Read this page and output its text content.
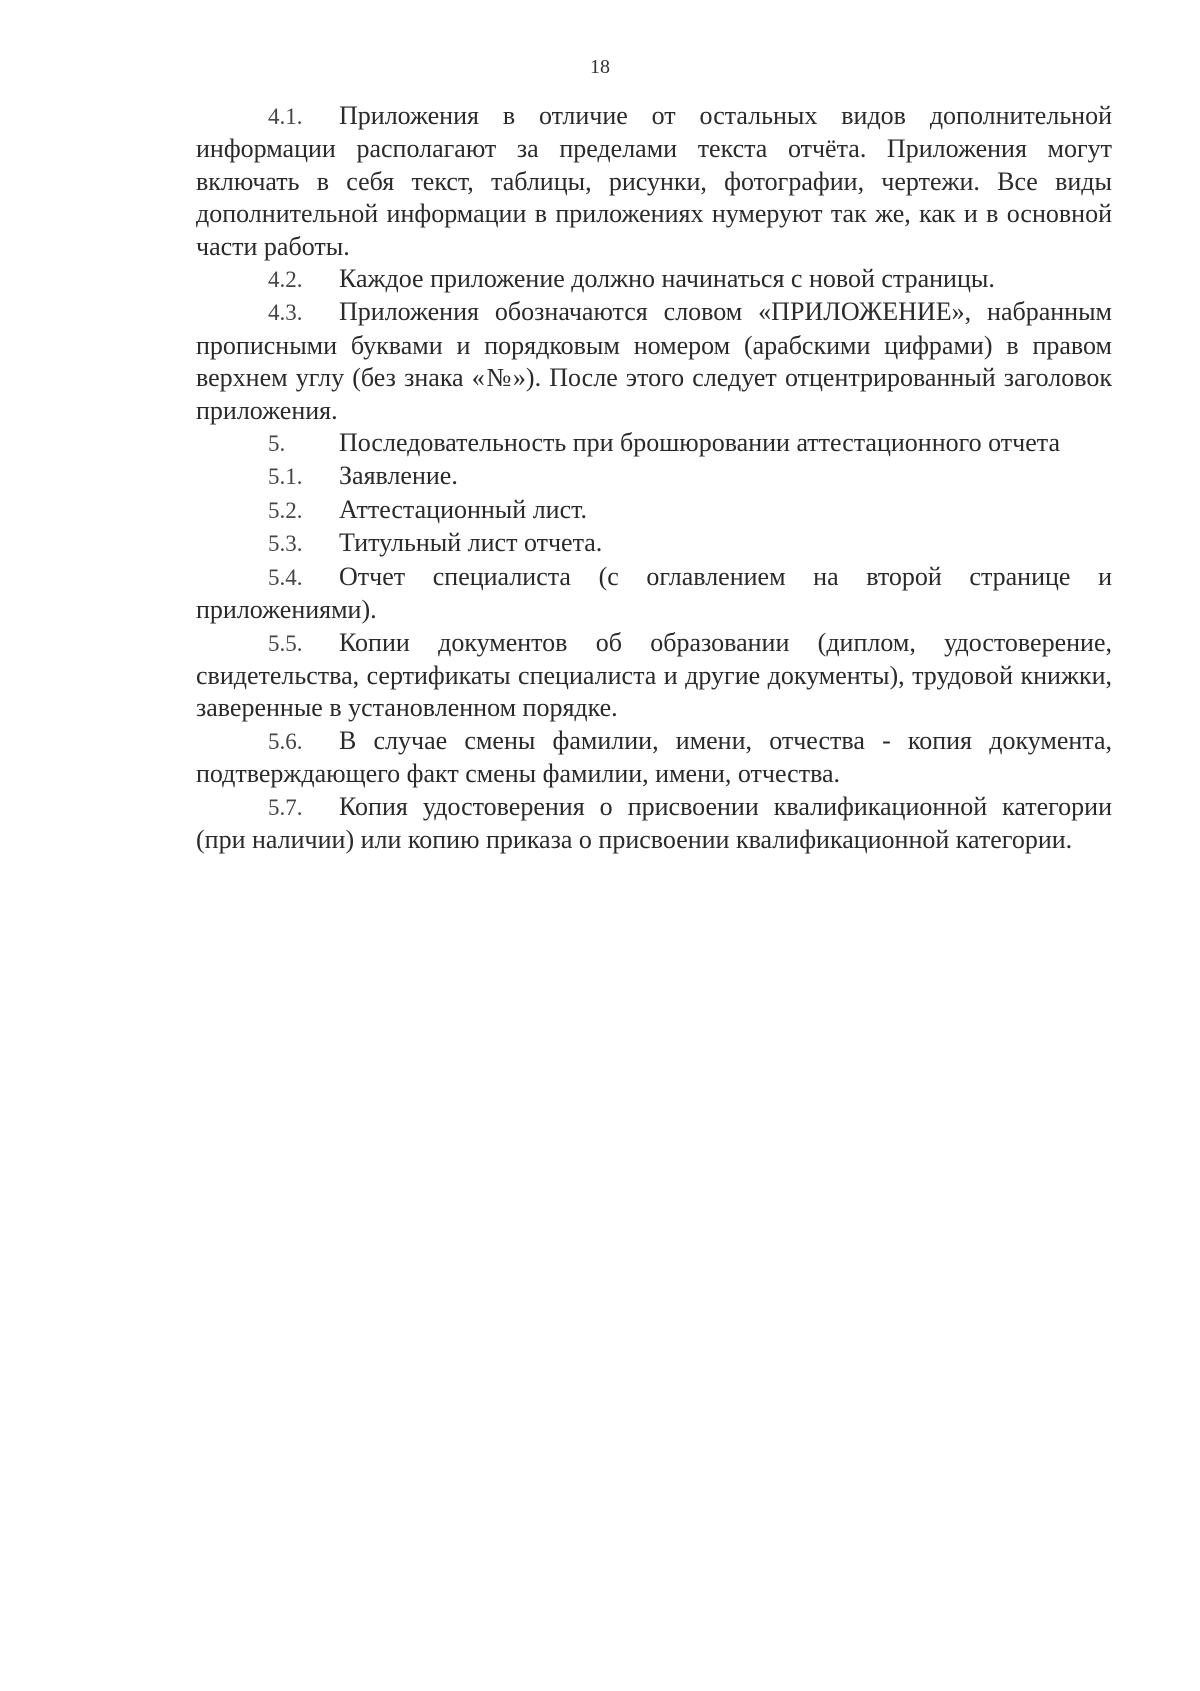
18

4.1. Приложения в отличие от остальных видов дополнительной информации располагают за пределами текста отчёта. Приложения могут включать в себя текст, таблицы, рисунки, фотографии, чертежи. Все виды дополнительной информации в приложениях нумеруют так же, как и в основной части работы.

4.2. Каждое приложение должно начинаться с новой страницы.

4.3. Приложения обозначаются словом «ПРИЛОЖЕНИЕ», набранным прописными буквами и порядковым номером (арабскими цифрами) в правом верхнем углу (без знака «№»). После этого следует отцентрированный заголовок приложения.

5. Последовательность при брошюровании аттестационного отчета

5.1. Заявление.

5.2. Аттестационный лист.

5.3. Титульный лист отчета.

5.4. Отчет специалиста (с оглавлением на второй странице и приложениями).

5.5. Копии документов об образовании (диплом, удостоверение, свидетельства, сертификаты специалиста и другие документы), трудовой книжки, заверенные в установленном порядке.

5.6. В случае смены фамилии, имени, отчества - копия документа, подтверждающего факт смены фамилии, имени, отчества.

5.7. Копия удостоверения о присвоении квалификационной категории (при наличии) или копию приказа о присвоении квалификационной категории.
